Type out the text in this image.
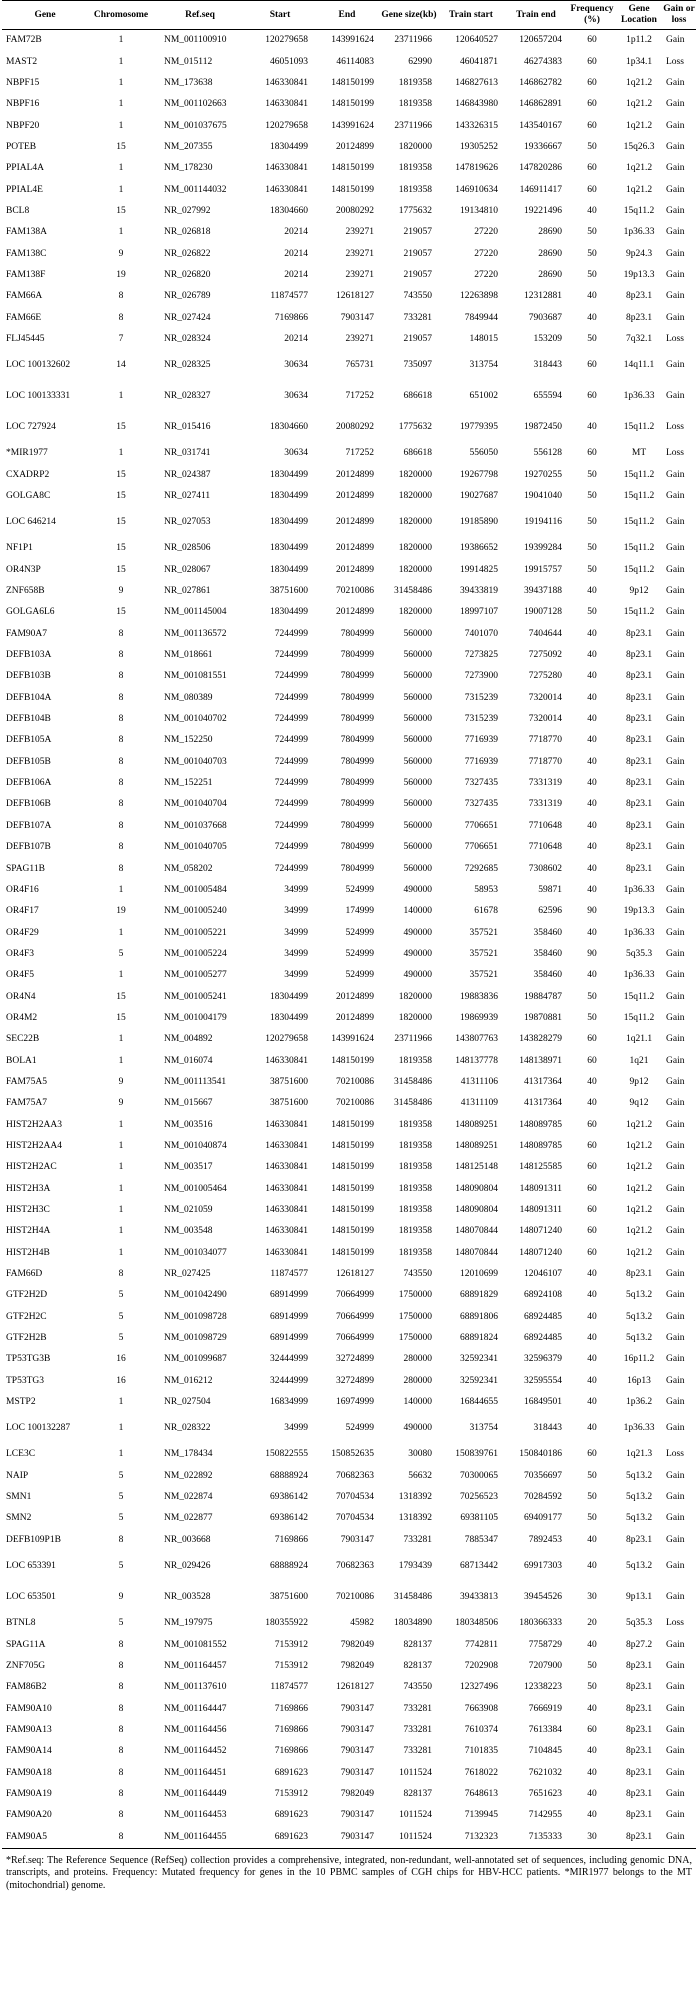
Gene	Chromosome	Ref.seq	Start	End	Gene size(kb)	Train start	Train end	Frequency (%)	Gene Location	Gain or loss
FAM72B	1	NM_001100910	120279658	143991624	23711966	120640527	120657204	60	1p11.2	Gain
MAST2	1	NM_015112	46051093	46114083	62990	46041871	46274383	60	1p34.1	Loss
NBPF15	1	NM_173638	146330841	148150199	1819358	146827613	146862782	60	1q21.2	Gain
NBPF16	1	NM_001102663	146330841	148150199	1819358	146843980	146862891	60	1q21.2	Gain
NBPF20	1	NM_001037675	120279658	143991624	23711966	143326315	143540167	60	1q21.2	Gain
POTEB	15	NM_207355	18304499	20124899	1820000	19305252	19336667	50	15q26.3	Gain
PPIAL4A	1	NM_178230	146330841	148150199	1819358	147819626	147820286	60	1q21.2	Gain
PPIAL4E	1	NM_001144032	146330841	148150199	1819358	146910634	146911417	60	1q21.2	Gain
BCL8	15	NR_027992	18304660	20080292	1775632	19134810	19221496	40	15q11.2	Gain
FAM138A	1	NR_026818	20214	239271	219057	27220	28690	50	1p36.33	Gain
FAM138C	9	NR_026822	20214	239271	219057	27220	28690	50	9p24.3	Gain
FAM138F	19	NR_026820	20214	239271	219057	27220	28690	50	19p13.3	Gain
FAM66A	8	NR_026789	11874577	12618127	743550	12263898	12312881	40	8p23.1	Gain
FAM66E	8	NR_027424	7169866	7903147	733281	7849944	7903687	40	8p23.1	Gain
FLJ45445	7	NR_028324	20214	239271	219057	148015	153209	50	7q32.1	Loss
LOC 100132602	14	NR_028325	30634	765731	735097	313754	318443	60	14q11.1	Gain
LOC 100133331	1	NR_028327	30634	717252	686618	651002	655594	60	1p36.33	Gain
LOC 727924	15	NR_015416	18304660	20080292	1775632	19779395	19872450	40	15q11.2	Loss
*MIR1977	1	NR_031741	30634	717252	686618	556050	556128	60	MT	Loss
CXADRP2	15	NR_024387	18304499	20124899	1820000	19267798	19270255	50	15q11.2	Gain
GOLGA8C	15	NR_027411	18304499	20124899	1820000	19027687	19041040	50	15q11.2	Gain
LOC 646214	15	NR_027053	18304499	20124899	1820000	19185890	19194116	50	15q11.2	Gain
NF1P1	15	NR_028506	18304499	20124899	1820000	19386652	19399284	50	15q11.2	Gain
OR4N3P	15	NR_028067	18304499	20124899	1820000	19914825	19915757	50	15q11.2	Gain
ZNF658B	9	NR_027861	38751600	70210086	31458486	39433819	39437188	40	9p12	Gain
GOLGA6L6	15	NM_001145004	18304499	20124899	1820000	18997107	19007128	50	15q11.2	Gain
FAM90A7	8	NM_001136572	7244999	7804999	560000	7401070	7404644	40	8p23.1	Gain
DEFB103A	8	NM_018661	7244999	7804999	560000	7273825	7275092	40	8p23.1	Gain
DEFB103B	8	NM_001081551	7244999	7804999	560000	7273900	7275280	40	8p23.1	Gain
DEFB104A	8	NM_080389	7244999	7804999	560000	7315239	7320014	40	8p23.1	Gain
DEFB104B	8	NM_001040702	7244999	7804999	560000	7315239	7320014	40	8p23.1	Gain
DEFB105A	8	NM_152250	7244999	7804999	560000	7716939	7718770	40	8p23.1	Gain
DEFB105B	8	NM_001040703	7244999	7804999	560000	7716939	7718770	40	8p23.1	Gain
DEFB106A	8	NM_152251	7244999	7804999	560000	7327435	7331319	40	8p23.1	Gain
DEFB106B	8	NM_001040704	7244999	7804999	560000	7327435	7331319	40	8p23.1	Gain
DEFB107A	8	NM_001037668	7244999	7804999	560000	7706651	7710648	40	8p23.1	Gain
DEFB107B	8	NM_001040705	7244999	7804999	560000	7706651	7710648	40	8p23.1	Gain
SPAG11B	8	NM_058202	7244999	7804999	560000	7292685	7308602	40	8p23.1	Gain
OR4F16	1	NM_001005484	34999	524999	490000	58953	59871	40	1p36.33	Gain
OR4F17	19	NM_001005240	34999	174999	140000	61678	62596	90	19p13.3	Gain
OR4F29	1	NM_001005221	34999	524999	490000	357521	358460	40	1p36.33	Gain
OR4F3	5	NM_001005224	34999	524999	490000	357521	358460	90	5q35.3	Gain
OR4F5	1	NM_001005277	34999	524999	490000	357521	358460	40	1p36.33	Gain
OR4N4	15	NM_001005241	18304499	20124899	1820000	19883836	19884787	50	15q11.2	Gain
OR4M2	15	NM_001004179	18304499	20124899	1820000	19869939	19870881	50	15q11.2	Gain
SEC22B	1	NM_004892	120279658	143991624	23711966	143807763	143828279	60	1q21.1	Gain
BOLA1	1	NM_016074	146330841	148150199	1819358	148137778	148138971	60	1q21	Gain
FAM75A5	9	NM_001113541	38751600	70210086	31458486	41311106	41317364	40	9p12	Gain
FAM75A7	9	NM_015667	38751600	70210086	31458486	41311109	41317364	40	9q12	Gain
HIST2H2AA3	1	NM_003516	146330841	148150199	1819358	148089251	148089785	60	1q21.2	Gain
HIST2H2AA4	1	NM_001040874	146330841	148150199	1819358	148089251	148089785	60	1q21.2	Gain
HIST2H2AC	1	NM_003517	146330841	148150199	1819358	148125148	148125585	60	1q21.2	Gain
HIST2H3A	1	NM_001005464	146330841	148150199	1819358	148090804	148091311	60	1q21.2	Gain
HIST2H3C	1	NM_021059	146330841	148150199	1819358	148090804	148091311	60	1q21.2	Gain
HIST2H4A	1	NM_003548	146330841	148150199	1819358	148070844	148071240	60	1q21.2	Gain
HIST2H4B	1	NM_001034077	146330841	148150199	1819358	148070844	148071240	60	1q21.2	Gain
FAM66D	8	NR_027425	11874577	12618127	743550	12010699	12046107	40	8p23.1	Gain
GTF2H2D	5	NM_001042490	68914999	70664999	1750000	68891829	68924108	40	5q13.2	Gain
GTF2H2C	5	NM_001098728	68914999	70664999	1750000	68891806	68924485	40	5q13.2	Gain
GTF2H2B	5	NM_001098729	68914999	70664999	1750000	68891824	68924485	40	5q13.2	Gain
TP53TG3B	16	NM_001099687	32444999	32724899	280000	32592341	32596379	40	16p11.2	Gain
TP53TG3	16	NM_016212	32444999	32724899	280000	32592341	32595554	40	16p13	Gain
MSTP2	1	NR_027504	16834999	16974999	140000	16844655	16849501	40	1p36.2	Gain
LOC 100132287	1	NR_028322	34999	524999	490000	313754	318443	40	1p36.33	Gain
LCE3C	1	NM_178434	150822555	150852635	30080	150839761	150840186	60	1q21.3	Loss
NAIP	5	NM_022892	68888924	70682363	56632	70300065	70356697	50	5q13.2	Gain
SMN1	5	NM_022874	69386142	70704534	1318392	70256523	70284592	50	5q13.2	Gain
SMN2	5	NM_022877	69386142	70704534	1318392	69381105	69409177	50	5q13.2	Gain
DEFB109P1B	8	NR_003668	7169866	7903147	733281	7885347	7892453	40	8p23.1	Gain
LOC 653391	5	NR_029426	68888924	70682363	1793439	68713442	69917303	40	5q13.2	Gain
LOC 653501	9	NR_003528	38751600	70210086	31458486	39433813	39454526	30	9p13.1	Gain
BTNL8	5	NM_197975	180355922	45982	18034890	180348506	180366333	20	5q35.3	Loss
SPAG11A	8	NM_001081552	7153912	7982049	828137	7742811	7758729	40	8p27.2	Gain
ZNF705G	8	NM_001164457	7153912	7982049	828137	7202908	7207900	50	8p23.1	Gain
FAM86B2	8	NM_001137610	11874577	12618127	743550	12327496	12338223	50	8p23.1	Gain
FAM90A10	8	NM_001164447	7169866	7903147	733281	7663908	7666919	40	8p23.1	Gain
FAM90A13	8	NM_001164456	7169866	7903147	733281	7610374	7613384	60	8p23.1	Gain
FAM90A14	8	NM_001164452	7169866	7903147	733281	7101835	7104845	40	8p23.1	Gain
FAM90A18	8	NM_001164451	6891623	7903147	1011524	7618022	7621032	40	8p23.1	Gain
FAM90A19	8	NM_001164449	7153912	7982049	828137	7648613	7651623	40	8p23.1	Gain
FAM90A20	8	NM_001164453	6891623	7903147	1011524	7139945	7142955	40	8p23.1	Gain
FAM90A5	8	NM_001164455	6891623	7903147	1011524	7132323	7135333	30	8p23.1	Gain
*Ref.seq: The Reference Sequence (RefSeq) collection provides a comprehensive, integrated, non-redundant, well-annotated set of sequences, including genomic DNA, transcripts, and proteins. Frequency: Mutated frequency for genes in the 10 PBMC samples of CGH chips for HBV-HCC patients. *MIR1977 belongs to the MT (mitochondrial) genome.
